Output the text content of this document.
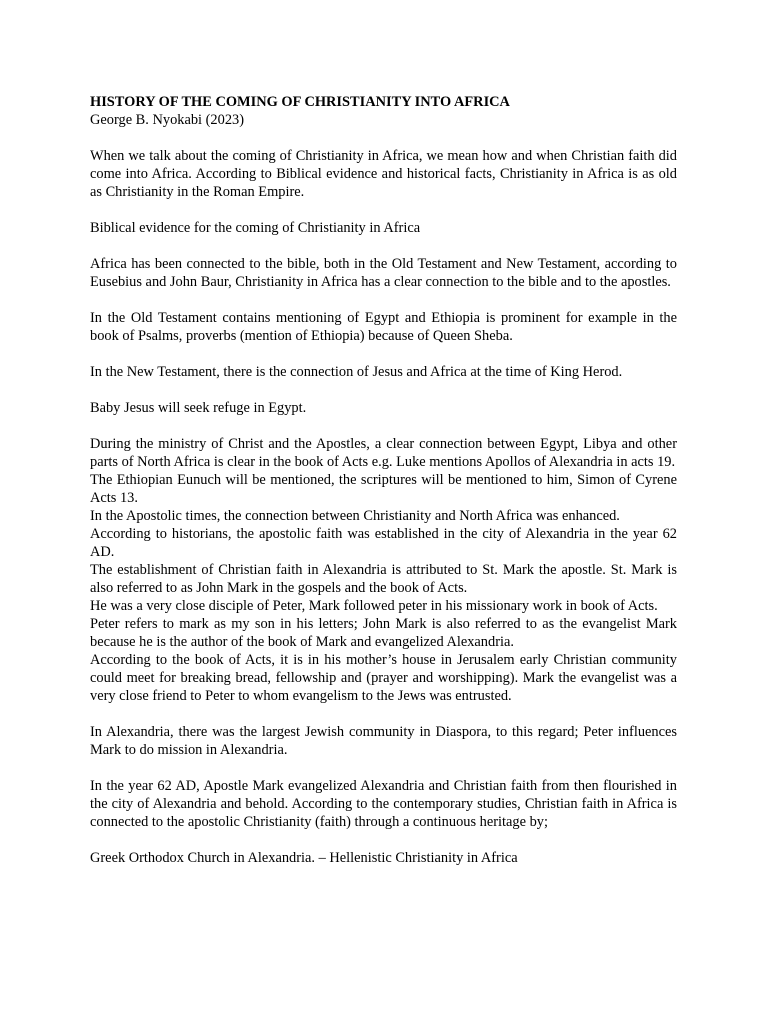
HISTORY OF THE COMING OF CHRISTIANITY INTO AFRICA

George B. Nyokabi (2023)

When we talk about the coming of Christianity in Africa, we mean how and when Christian faith did come into Africa. According to Biblical evidence and historical facts, Christianity in Africa is as old as Christianity in the Roman Empire.

Biblical evidence for the coming of Christianity in Africa

Africa has been connected to the bible, both in the Old Testament and New Testament, according to Eusebius and John Baur, Christianity in Africa has a clear connection to the bible and to the apostles.

In the Old Testament contains mentioning of Egypt and Ethiopia is prominent for example in the book of Psalms, proverbs (mention of Ethiopia) because of Queen Sheba.

In the New Testament, there is the connection of Jesus and Africa at the time of King Herod.

Baby Jesus will seek refuge in Egypt.

During the ministry of Christ and the Apostles, a clear connection between Egypt, Libya and other parts of North Africa is clear in the book of Acts e.g. Luke mentions Apollos of Alexandria in acts 19.

The Ethiopian Eunuch will be mentioned, the scriptures will be mentioned to him, Simon of Cyrene Acts 13.

In the Apostolic times, the connection between Christianity and North Africa was enhanced.

According to historians, the apostolic faith was established in the city of Alexandria in the year 62 AD.

The establishment of Christian faith in Alexandria is attributed to St. Mark the apostle. St. Mark is also referred to as John Mark in the gospels and the book of Acts.

He was a very close disciple of Peter, Mark followed peter in his missionary work in book of Acts.

Peter refers to mark as my son in his letters; John Mark is also referred to as the evangelist Mark because he is the author of the book of Mark and evangelized Alexandria.

According to the book of Acts, it is in his mother’s house in Jerusalem early Christian community could meet for breaking bread, fellowship and (prayer and worshipping). Mark the evangelist was a very close friend to Peter to whom evangelism to the Jews was entrusted.

In Alexandria, there was the largest Jewish community in Diaspora, to this regard; Peter influences Mark to do mission in Alexandria.

In the year 62 AD, Apostle Mark evangelized Alexandria and Christian faith from then flourished in the city of Alexandria and behold. According to the contemporary studies, Christian faith in Africa is connected to the apostolic Christianity (faith) through a continuous heritage by;

Greek Orthodox Church in Alexandria. – Hellenistic Christianity in Africa
